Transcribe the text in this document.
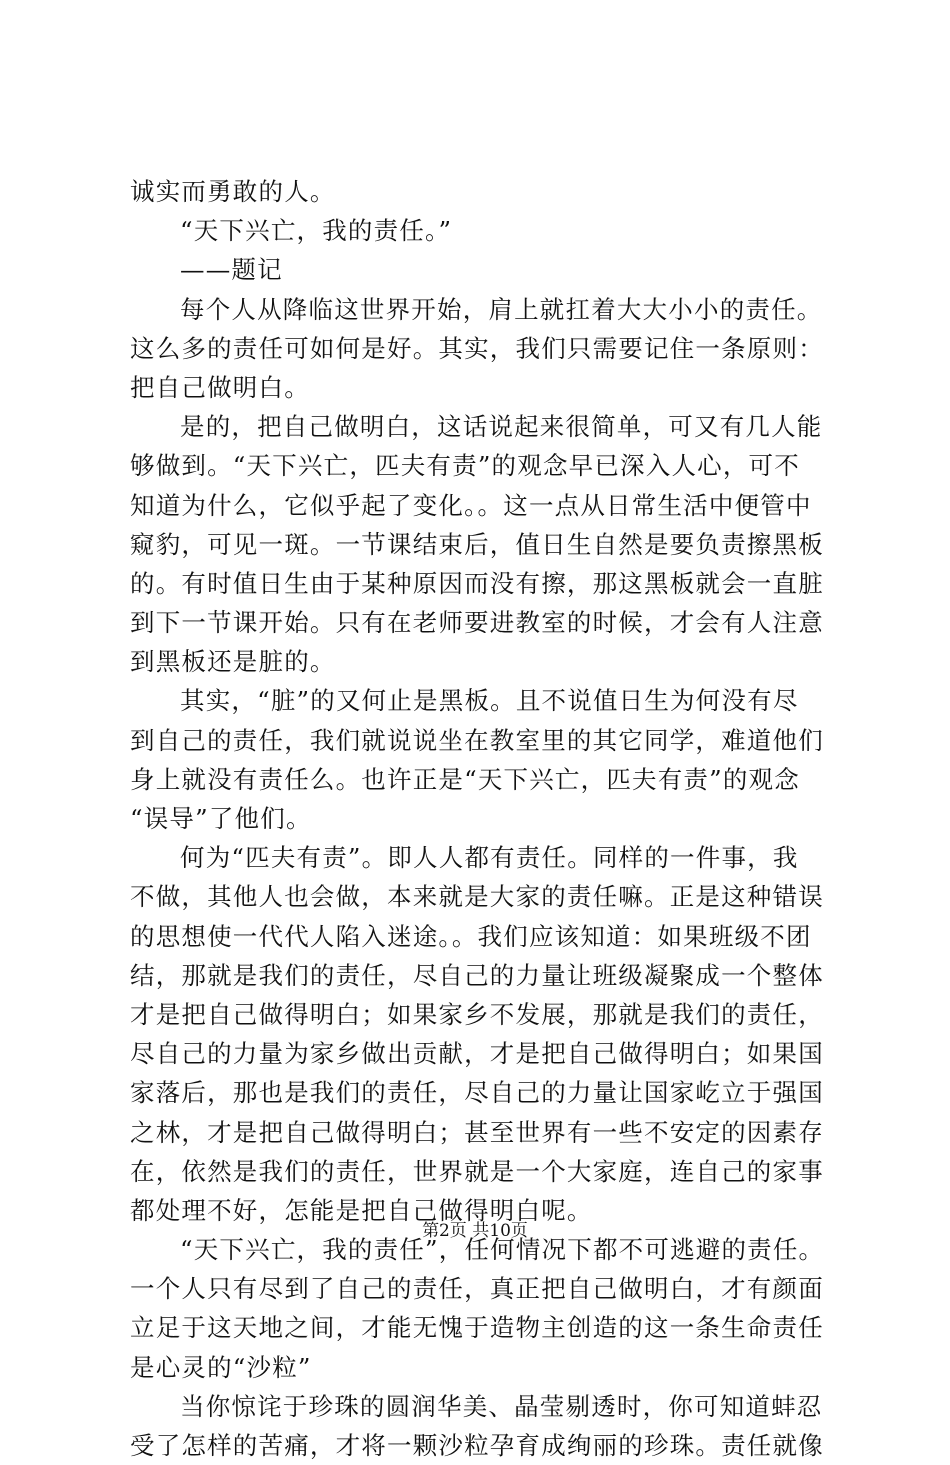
诚实而勇敢的人。
“天下兴亡，我的责任。”
——题记
每个人从降临这世界开始，肩上就扛着大大小小的责任。
这么多的责任可如何是好。其实，我们只需要记住一条原则：
把自己做明白。
是的，把自己做明白，这话说起来很简单，可又有几人能
够做到。“天下兴亡，匹夫有责”的观念早已深入人心，可不
知道为什么，它似乎起了变化。。这一点从日常生活中便管中
窥豹，可见一斑。一节课结束后，值日生自然是要负责擦黑板
的。有时值日生由于某种原因而没有擦，那这黑板就会一直脏
到下一节课开始。只有在老师要进教室的时候，才会有人注意
到黑板还是脏的。
其实，“脏”的又何止是黑板。且不说值日生为何没有尽
到自己的责任，我们就说说坐在教室里的其它同学，难道他们
身上就没有责任么。也许正是“天下兴亡，匹夫有责”的观念
“误导”了他们。
何为“匹夫有责”。即人人都有责任。同样的一件事，我
不做，其他人也会做，本来就是大家的责任嘛。正是这种错误
的思想使一代代人陷入迷途。。我们应该知道：如果班级不团
结，那就是我们的责任，尽自己的力量让班级凝聚成一个整体
才是把自己做得明白；如果家乡不发展，那就是我们的责任，
尽自己的力量为家乡做出贡献，才是把自己做得明白；如果国
家落后，那也是我们的责任，尽自己的力量让国家屹立于强国
之林，才是把自己做得明白；甚至世界有一些不安定的因素存
在，依然是我们的责任，世界就是一个大家庭，连自己的家事
都处理不好，怎能是把自己做得明白呢。
“天下兴亡，我的责任”，任何情况下都不可逃避的责任。
一个人只有尽到了自己的责任，真正把自己做明白，才有颜面
立足于这天地之间，才能无愧于造物主创造的这一条生命责任
是心灵的“沙粒”
当你惊诧于珍珠的圆润华美、晶莹剔透时，你可知道蚌忍
受了怎样的苦痛，才将一颗沙粒孕育成绚丽的珍珠。责任就像
第2页 共10页
